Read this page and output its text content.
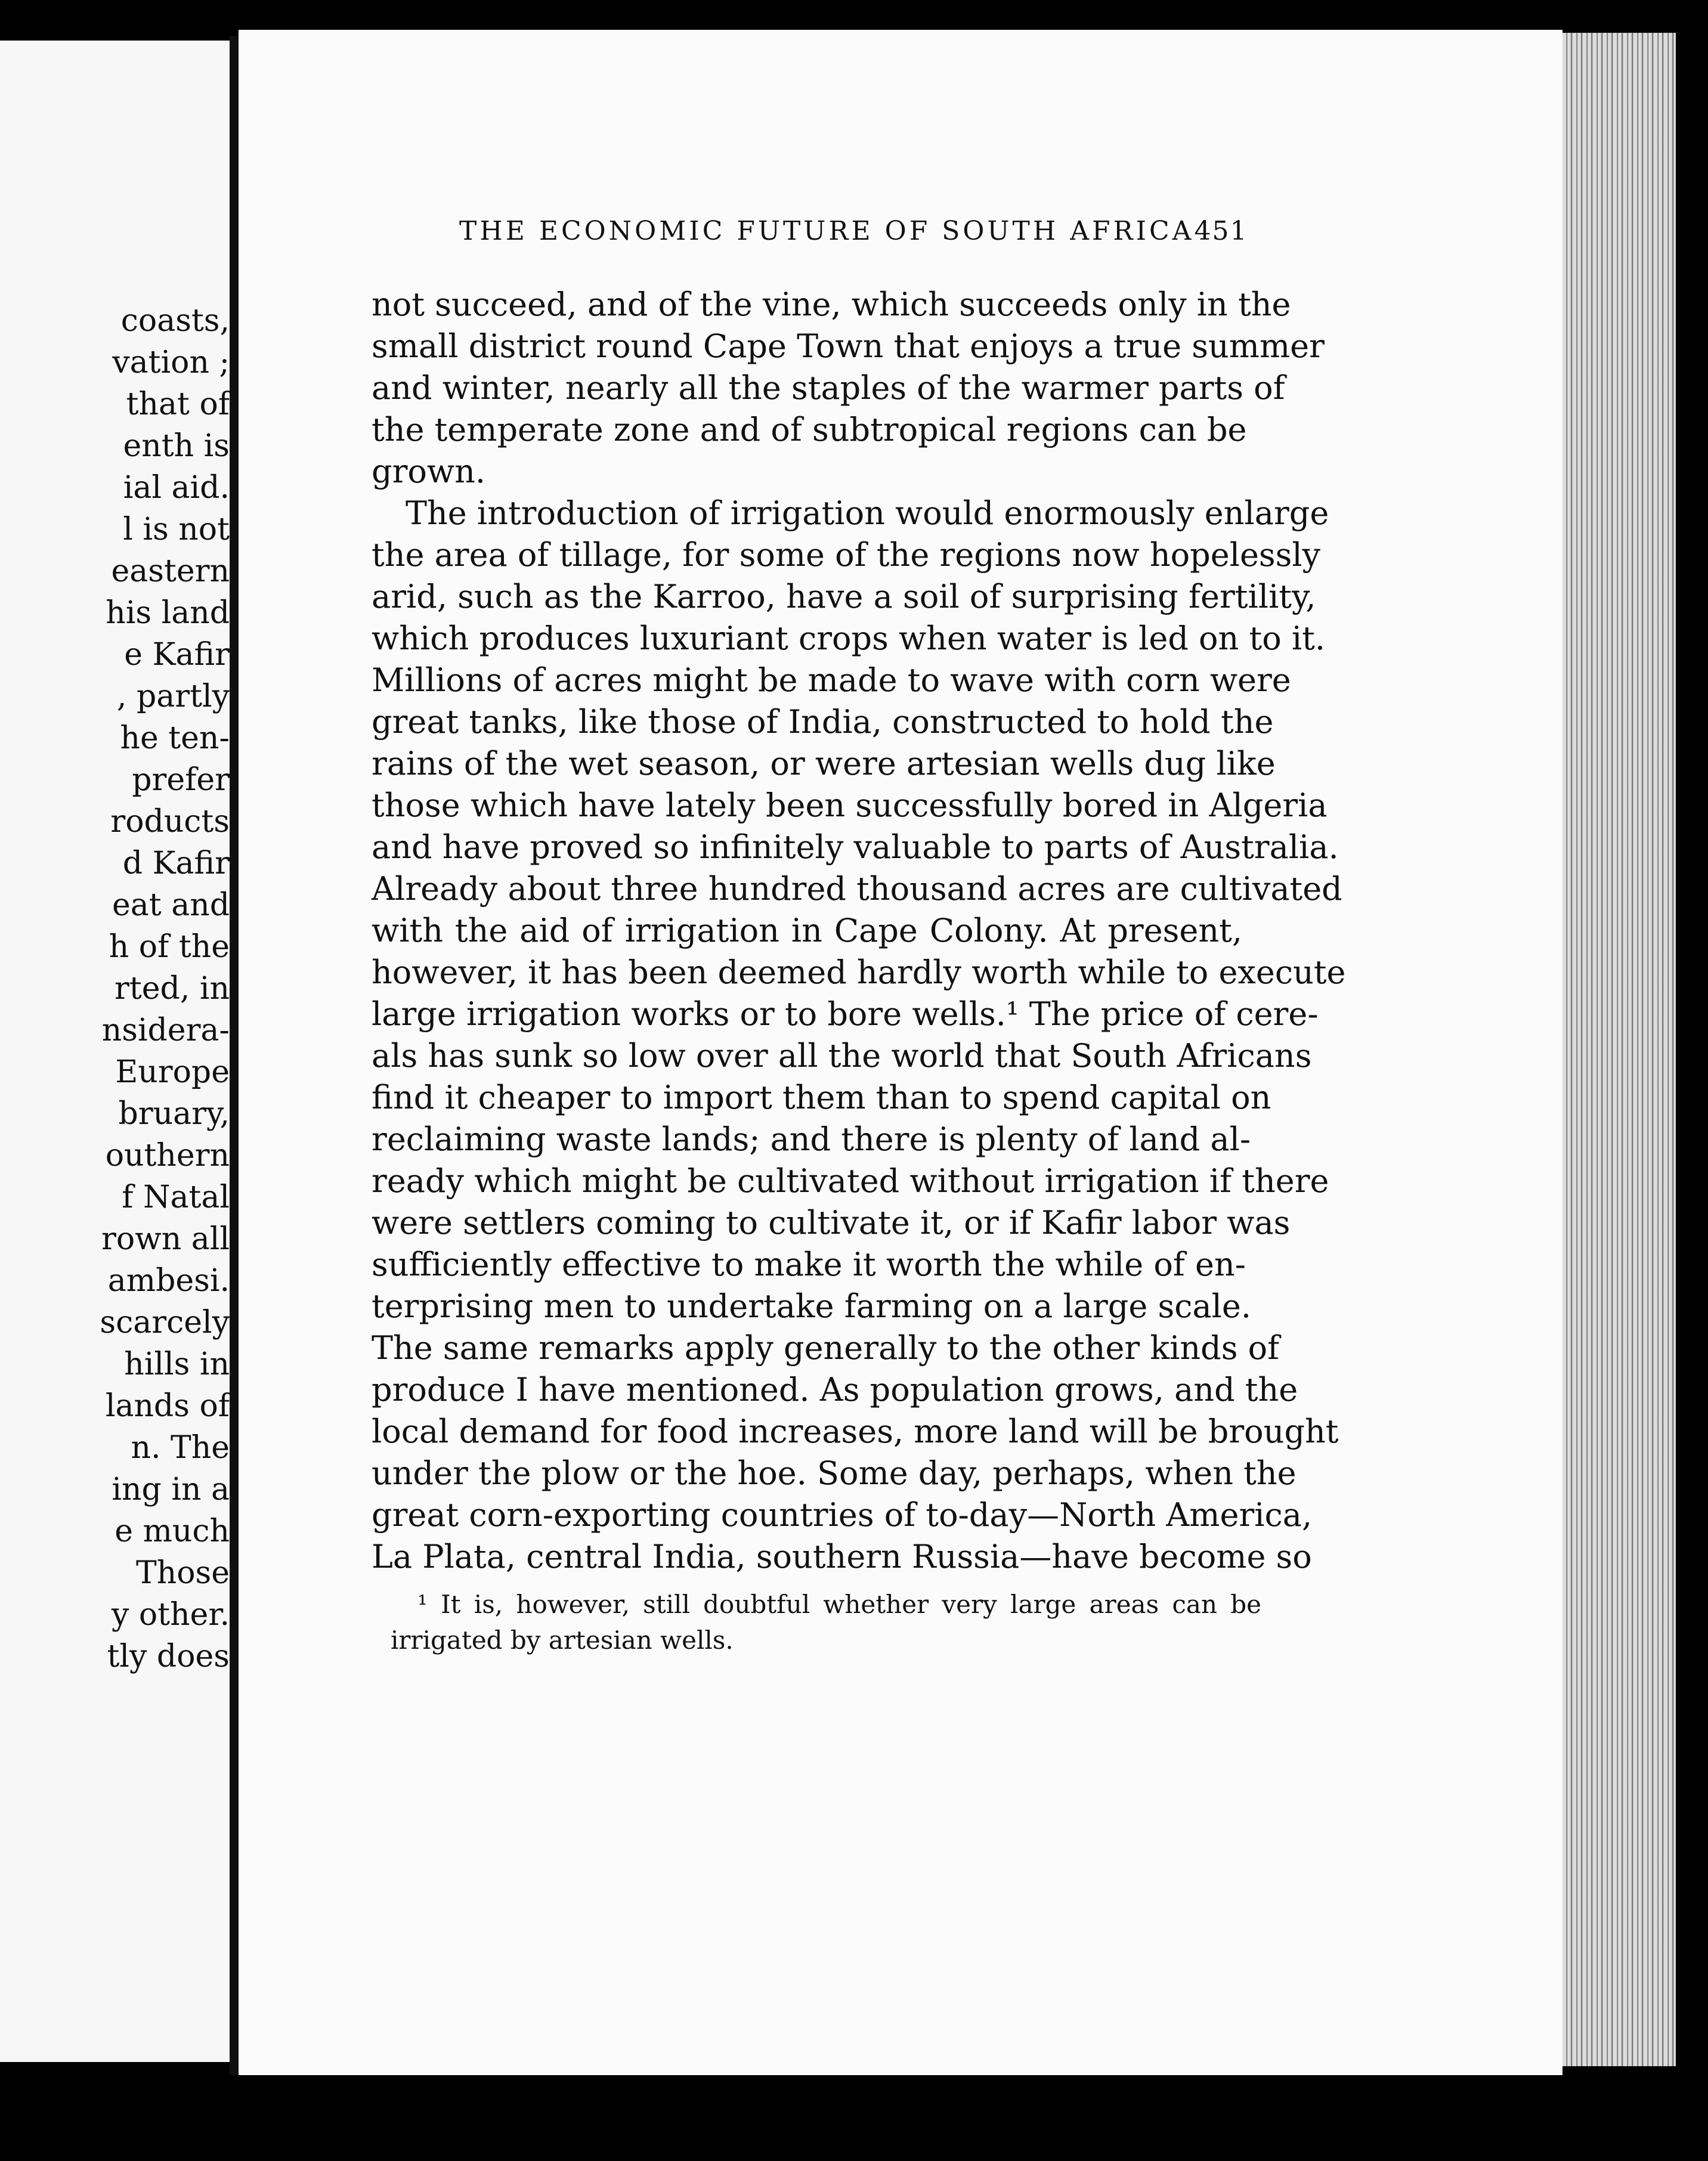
coasts,
vation ;
that of
enth is
ial aid.
l is not
eastern
his land
e Kafir
, partly
he ten-
prefer
roducts
d Kafir
eat and
h of the
rted, in
nsidera-
Europe
bruary,
outhern
f Natal
rown all
ambesi.
scarcely
hills in
lands of
n. The
ing in a
e much
Those
y other.
tly does
THE ECONOMIC FUTURE OF SOUTH AFRICA 451
not succeed, and of the vine, which succeeds only in the
small district round Cape Town that enjoys a true summer
and winter, nearly all the staples of the warmer parts of
the temperate zone and of subtropical regions can be
grown.
The introduction of irrigation would enormously enlarge
the area of tillage, for some of the regions now hopelessly
arid, such as the Karroo, have a soil of surprising fertility,
which produces luxuriant crops when water is led on to it.
Millions of acres might be made to wave with corn were
great tanks, like those of India, constructed to hold the
rains of the wet season, or were artesian wells dug like
those which have lately been successfully bored in Algeria
and have proved so infinitely valuable to parts of Australia.
Already about three hundred thousand acres are cultivated
with the aid of irrigation in Cape Colony. At present,
however, it has been deemed hardly worth while to execute
large irrigation works or to bore wells.¹ The price of cere-
als has sunk so low over all the world that South Africans
find it cheaper to import them than to spend capital on
reclaiming waste lands; and there is plenty of land al-
ready which might be cultivated without irrigation if there
were settlers coming to cultivate it, or if Kafir labor was
sufficiently effective to make it worth the while of en-
terprising men to undertake farming on a large scale.
The same remarks apply generally to the other kinds of
produce I have mentioned. As population grows, and the
local demand for food increases, more land will be brought
under the plow or the hoe. Some day, perhaps, when the
great corn-exporting countries of to-day—North America,
La Plata, central India, southern Russia—have become so
¹ It is, however, still doubtful whether very large areas can be
irrigated by artesian wells.
